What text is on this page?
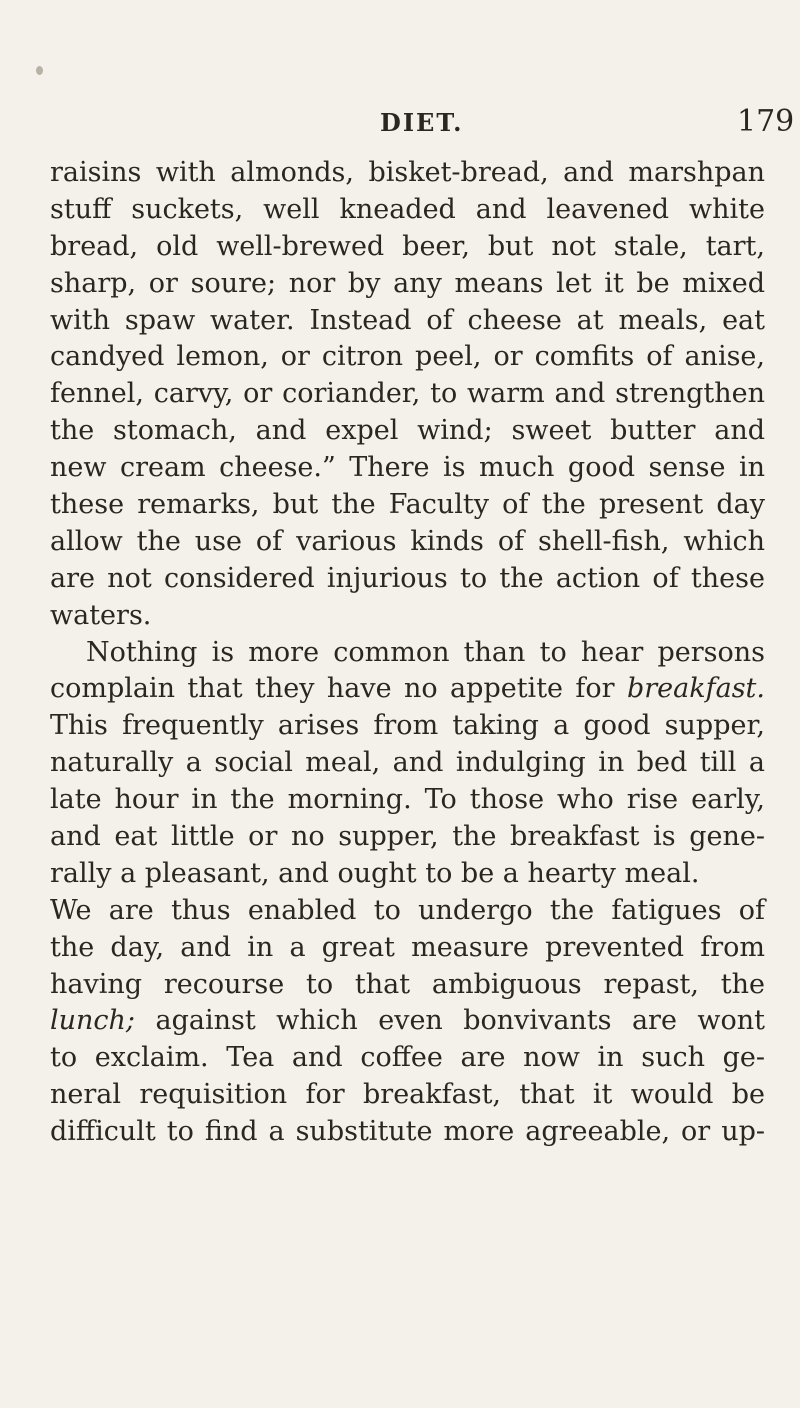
DIET.	179
raisins with almonds, bisket-bread, and marshpan
stuff suckets, well kneaded and leavened white
bread, old well-brewed beer, but not stale, tart,
sharp, or soure; nor by any means let it be mixed
with spaw water. Instead of cheese at meals, eat
candyed lemon, or citron peel, or comfits of anise,
fennel, carvy, or coriander, to warm and strengthen
the stomach, and expel wind; sweet butter and
new cream cheese.” There is much good sense in
these remarks, but the Faculty of the present day
allow the use of various kinds of shell-fish, which
are not considered injurious to the action of these
waters.
Nothing is more common than to hear persons
complain that they have no appetite for breakfast.
This frequently arises from taking a good supper,
naturally a social meal, and indulging in bed till a
late hour in the morning. To those who rise early,
and eat little or no supper, the breakfast is gene-
rally a pleasant, and ought to be a hearty meal.
We are thus enabled to undergo the fatigues of
the day, and in a great measure prevented from
having recourse to that ambiguous repast, the
lunch; against which even bonvivants are wont
to exclaim. Tea and coffee are now in such ge-
neral requisition for breakfast, that it would be
difficult to find a substitute more agreeable, or up-
